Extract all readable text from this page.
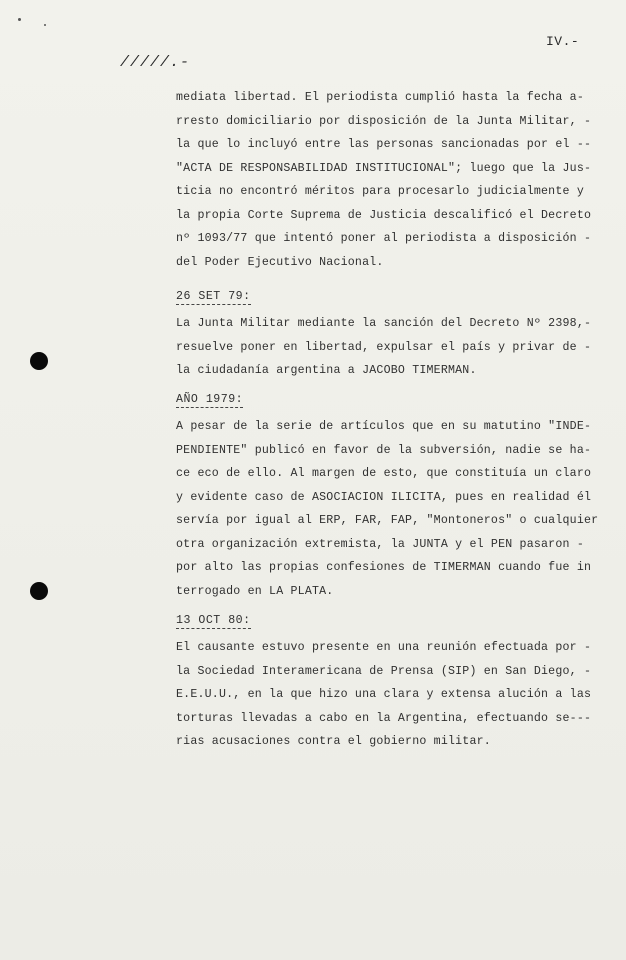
IV.-
/////.-
mediata libertad. El periodista cumplió hasta la fecha a-
rresto domiciliario por disposición de la Junta Militar, -
la que lo incluyó entre las personas sancionadas por el --
"ACTA DE RESPONSABILIDAD INSTITUCIONAL"; luego que la Jus-
ticia no encontró méritos para procesarlo judicialmente y
la propia Corte Suprema de Justicia descalificó el Decreto
nº 1093/77 que intentó poner al periodista a disposición -
del Poder Ejecutivo Nacional.
26 SET 79:
La Junta Militar mediante la sanción del Decreto Nº 2398,-
resuelve poner en libertad, expulsar el país y privar de -
la ciudadanía argentina a JACOBO TIMERMAN.
AÑO 1979:
A pesar de la serie de artículos que en su matutino "INDE-
PENDIENTE" publicó en favor de la subversión, nadie se ha-
ce eco de ello. Al margen de esto, que constituía un claro
y evidente caso de ASOCIACION ILICITA, pues en realidad él
servía por igual al ERP, FAR, FAP, "Montoneros" o cualquier
otra organización extremista, la JUNTA y el PEN pasaron -
por alto las propias confesiones de TIMERMAN cuando fue in
terrogado en LA PLATA.
13 OCT 80:
El causante estuvo presente en una reunión efectuada por -
la Sociedad Interamericana de Prensa (SIP) en San Diego, -
E.E.U.U., en la que hizo una clara y extensa alución a las
torturas llevadas a cabo en la Argentina, efectuando se---
rias acusaciones contra el gobierno militar.
